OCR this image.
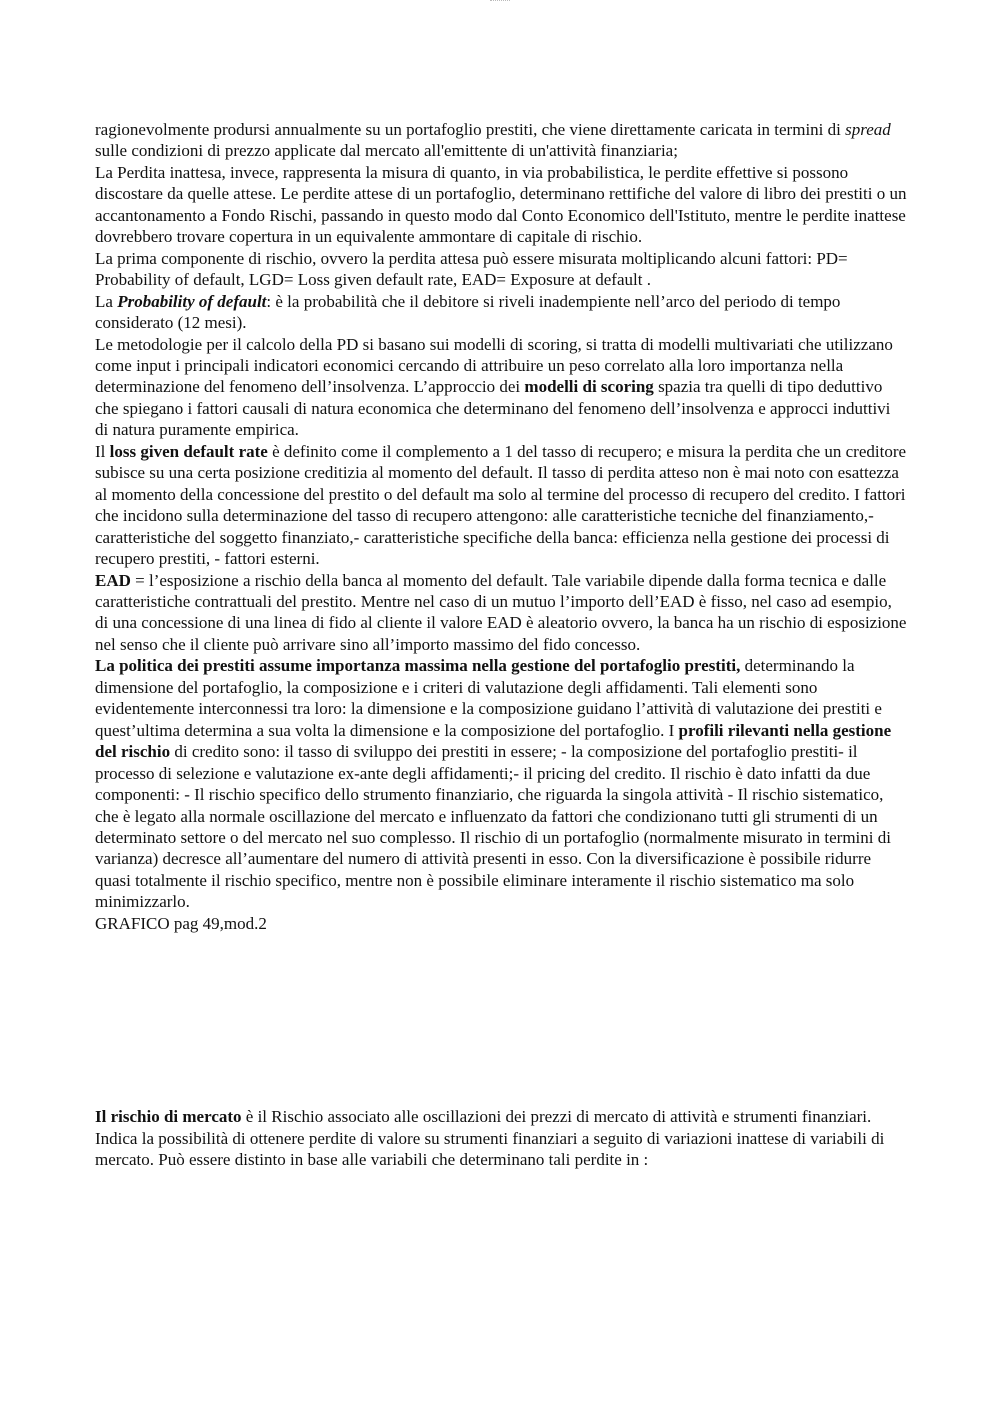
ragionevolmente prodursi annualmente su un portafoglio prestiti, che viene direttamente caricata in termini di spread sulle condizioni di prezzo applicate dal mercato all'emittente di un'attività finanziaria;

La Perdita inattesa, invece, rappresenta la misura di quanto, in via probabilistica, le perdite effettive si possono discostare da quelle attese. Le perdite attese di un portafoglio, determinano rettifiche del valore di libro dei prestiti o un accantonamento a Fondo Rischi, passando in questo modo dal Conto Economico dell'Istituto, mentre le perdite inattese dovrebbero trovare copertura in un equivalente ammontare di capitale di rischio.

La prima componente di rischio, ovvero la perdita attesa può essere misurata moltiplicando alcuni fattori: PD= Probability of default, LGD= Loss given default rate, EAD= Exposure at default .

La Probability of default: è la probabilità che il debitore si riveli inadempiente nell’arco del periodo di tempo considerato (12 mesi).

Le metodologie per il calcolo della PD si basano sui modelli di scoring, si tratta di modelli multivariati che utilizzano come input i principali indicatori economici cercando di attribuire un peso correlato alla loro importanza nella determinazione del fenomeno dell’insolvenza. L’approccio dei modelli di scoring spazia tra quelli di tipo deduttivo che spiegano i fattori causali di natura economica che determinano del fenomeno dell’insolvenza e approcci induttivi di natura puramente empirica.

Il loss given default rate è definito come il complemento a 1 del tasso di recupero; e misura la perdita che un creditore subisce su una certa posizione creditizia al momento del default. Il tasso di perdita atteso non è mai noto con esattezza al momento della concessione del prestito o del default ma solo al termine del processo di recupero del credito. I fattori che incidono sulla determinazione del tasso di recupero attengono: alle caratteristiche tecniche del finanziamento,- caratteristiche del soggetto finanziato,- caratteristiche specifiche della banca: efficienza nella gestione dei processi di recupero prestiti, - fattori esterni.

EAD = l’esposizione a rischio della banca al momento del default. Tale variabile dipende dalla forma tecnica e dalle caratteristiche contrattuali del prestito. Mentre nel caso di un mutuo l’importo dell’EAD è fisso, nel caso ad esempio, di una concessione di una linea di fido al cliente il valore EAD è aleatorio ovvero, la banca ha un rischio di esposizione nel senso che il cliente può arrivare sino all’importo massimo del fido concesso.

La politica dei prestiti assume importanza massima nella gestione del portafoglio prestiti, determinando la dimensione del portafoglio, la composizione e i criteri di valutazione degli affidamenti. Tali elementi sono evidentemente interconnessi tra loro: la dimensione e la composizione guidano l’attività di valutazione dei prestiti e quest’ultima determina a sua volta la dimensione e la composizione del portafoglio. I profili rilevanti nella gestione del rischio di credito sono: il tasso di sviluppo dei prestiti in essere; - la composizione del portafoglio prestiti- il processo di selezione e valutazione ex-ante degli affidamenti;- il pricing del credito. Il rischio è dato infatti da due componenti: - Il rischio specifico dello strumento finanziario, che riguarda la singola attività - Il rischio sistematico, che è legato alla normale oscillazione del mercato e influenzato da fattori che condizionano tutti gli strumenti di un determinato settore o del mercato nel suo complesso. Il rischio di un portafoglio (normalmente misurato in termini di varianza) decresce all’aumentare del numero di attività presenti in esso. Con la diversificazione è possibile ridurre quasi totalmente il rischio specifico, mentre non è possibile eliminare interamente il rischio sistematico ma solo minimizzarlo.

GRAFICO pag 49,mod.2

Il rischio di mercato è il Rischio associato alle oscillazioni dei prezzi di mercato di attività e strumenti finanziari. Indica la possibilità di ottenere perdite di valore su strumenti finanziari a seguito di variazioni inattese di variabili di mercato. Può essere distinto in base alle variabili che determinano tali perdite in :
